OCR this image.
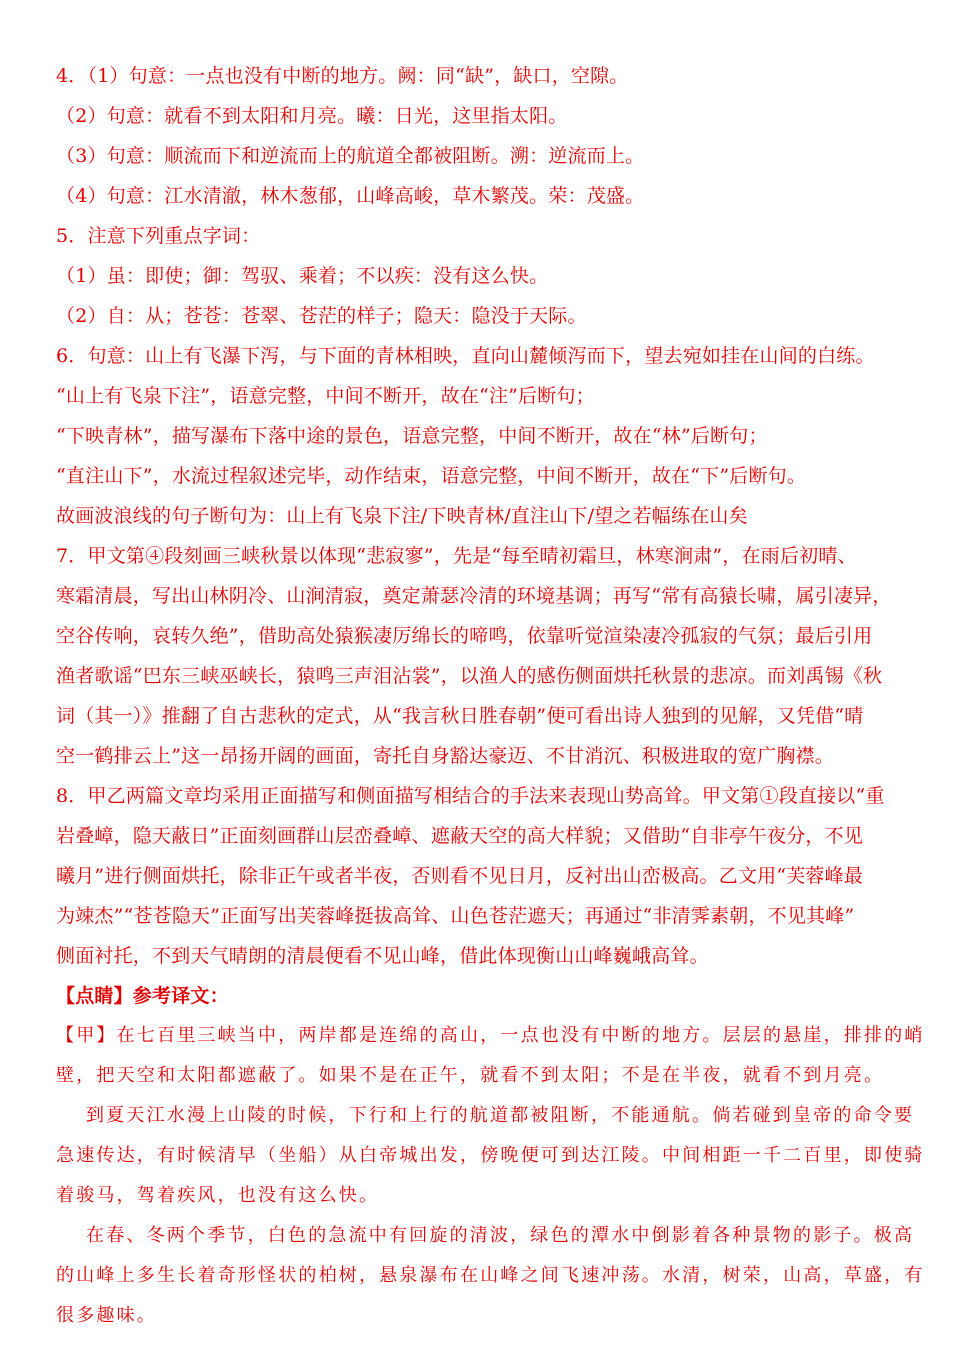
4．（1）句意：一点也没有中断的地方。阙：同“缺”，缺口，空隙。
（2）句意：就看不到太阳和月亮。曦：日光，这里指太阳。
（3）句意：顺流而下和逆流而上的航道全都被阻断。溯：逆流而上。
（4）句意：江水清澈，林木葱郁，山峰高峻，草木繁茂。荣：茂盛。
5．注意下列重点字词：
（1）虽：即使；御：驾驭、乘着；不以疾：没有这么快。
（2）自：从；苍苍：苍翠、苍茫的样子；隐天：隐没于天际。
6．句意：山上有飞瀑下泻，与下面的青林相映，直向山麓倾泻而下，望去宛如挂在山间的白练。
“山上有飞泉下注”，语意完整，中间不断开，故在“注”后断句；
“下映青林”，描写瀑布下落中途的景色，语意完整，中间不断开，故在“林”后断句；
“直注山下”，水流过程叙述完毕，动作结束，语意完整，中间不断开，故在“下”后断句。
故画波浪线的句子断句为：山上有飞泉下注/下映青林/直注山下/望之若幅练在山矣
7．甲文第④段刻画三峡秋景以体现“悲寂寥”，先是“每至晴初霜旦，林寒涧肃”，在雨后初晴、
寒霜清晨，写出山林阴冷、山涧清寂，奠定萧瑟冷清的环境基调；再写“常有高猿长啸，属引凄异，
空谷传响，哀转久绝”，借助高处猿猴凄厉绵长的啼鸣，依靠听觉渲染凄冷孤寂的气氛；最后引用
渔者歌谣“巴东三峡巫峡长，猿鸣三声泪沾裳”，以渔人的感伤侧面烘托秋景的悲凉。而刘禹锡《秋
词（其一）》推翻了自古悲秋的定式，从“我言秋日胜春朝”便可看出诗人独到的见解，又凭借“晴
空一鹤排云上”这一昂扬开阔的画面，寄托自身豁达豪迈、不甘消沉、积极进取的宽广胸襟。
8．甲乙两篇文章均采用正面描写和侧面描写相结合的手法来表现山势高耸。甲文第①段直接以“重
岩叠嶂，隐天蔽日”正面刻画群山层峦叠嶂、遮蔽天空的高大样貌；又借助“自非亭午夜分，不见
曦月”进行侧面烘托，除非正午或者半夜，否则看不见日月，反衬出山峦极高。乙文用“芙蓉峰最
为竦杰”“苍苍隐天”正面写出芙蓉峰挺拔高耸、山色苍茫遮天；再通过“非清霁素朝，不见其峰”
侧面衬托，不到天气晴朗的清晨便看不见山峰，借此体现衡山山峰巍峨高耸。
【点睛】参考译文：
【甲】在七百里三峡当中，两岸都是连绵的高山，一点也没有中断的地方。层层的悬崖，排排的峭
壁，把天空和太阳都遮蔽了。如果不是在正午，就看不到太阳；不是在半夜，就看不到月亮。
到夏天江水漫上山陵的时候，下行和上行的航道都被阻断，不能通航。倘若碰到皇帝的命令要
急速传达，有时候清早（坐船）从白帝城出发，傍晚便可到达江陵。中间相距一千二百里，即使骑
着骏马，驾着疾风，也没有这么快。
在春、冬两个季节，白色的急流中有回旋的清波，绿色的潭水中倒影着各种景物的影子。极高
的山峰上多生长着奇形怪状的柏树，悬泉瀑布在山峰之间飞速冲荡。水清，树荣，山高，草盛，有
很多趣味。
